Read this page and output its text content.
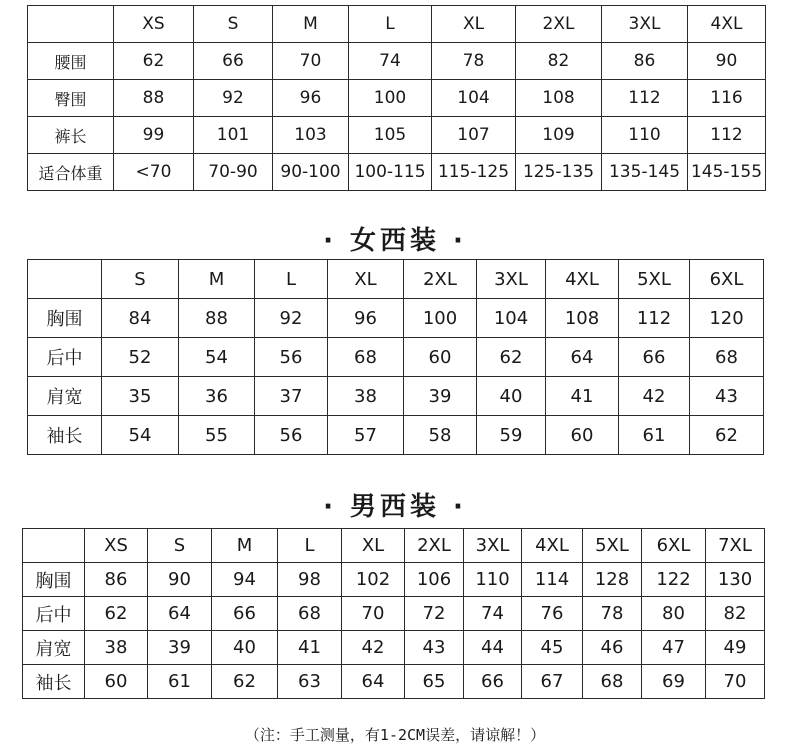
	XS	S	M	L	XL	2XL	3XL	4XL
腰围	62	66	70	74	78	82	86	90
臀围	88	92	96	100	104	108	112	116
裤长	99	101	103	105	107	109	110	112
适合体重	<70	70-90	90-100	100-115	115-125	125-135	135-145	145-155
· 女西装 ·
	S	M	L	XL	2XL	3XL	4XL	5XL	6XL
胸围	84	88	92	96	100	104	108	112	120
后中	52	54	56	68	60	62	64	66	68
肩宽	35	36	37	38	39	40	41	42	43
袖长	54	55	56	57	58	59	60	61	62
· 男西装 ·
	XS	S	M	L	XL	2XL	3XL	4XL	5XL	6XL	7XL
胸围	86	90	94	98	102	106	110	114	128	122	130
后中	62	64	66	68	70	72	74	76	78	80	82
肩宽	38	39	40	41	42	43	44	45	46	47	49
袖长	60	61	62	63	64	65	66	67	68	69	70
（注：手工测量，有1-2CM误差，请谅解！）
